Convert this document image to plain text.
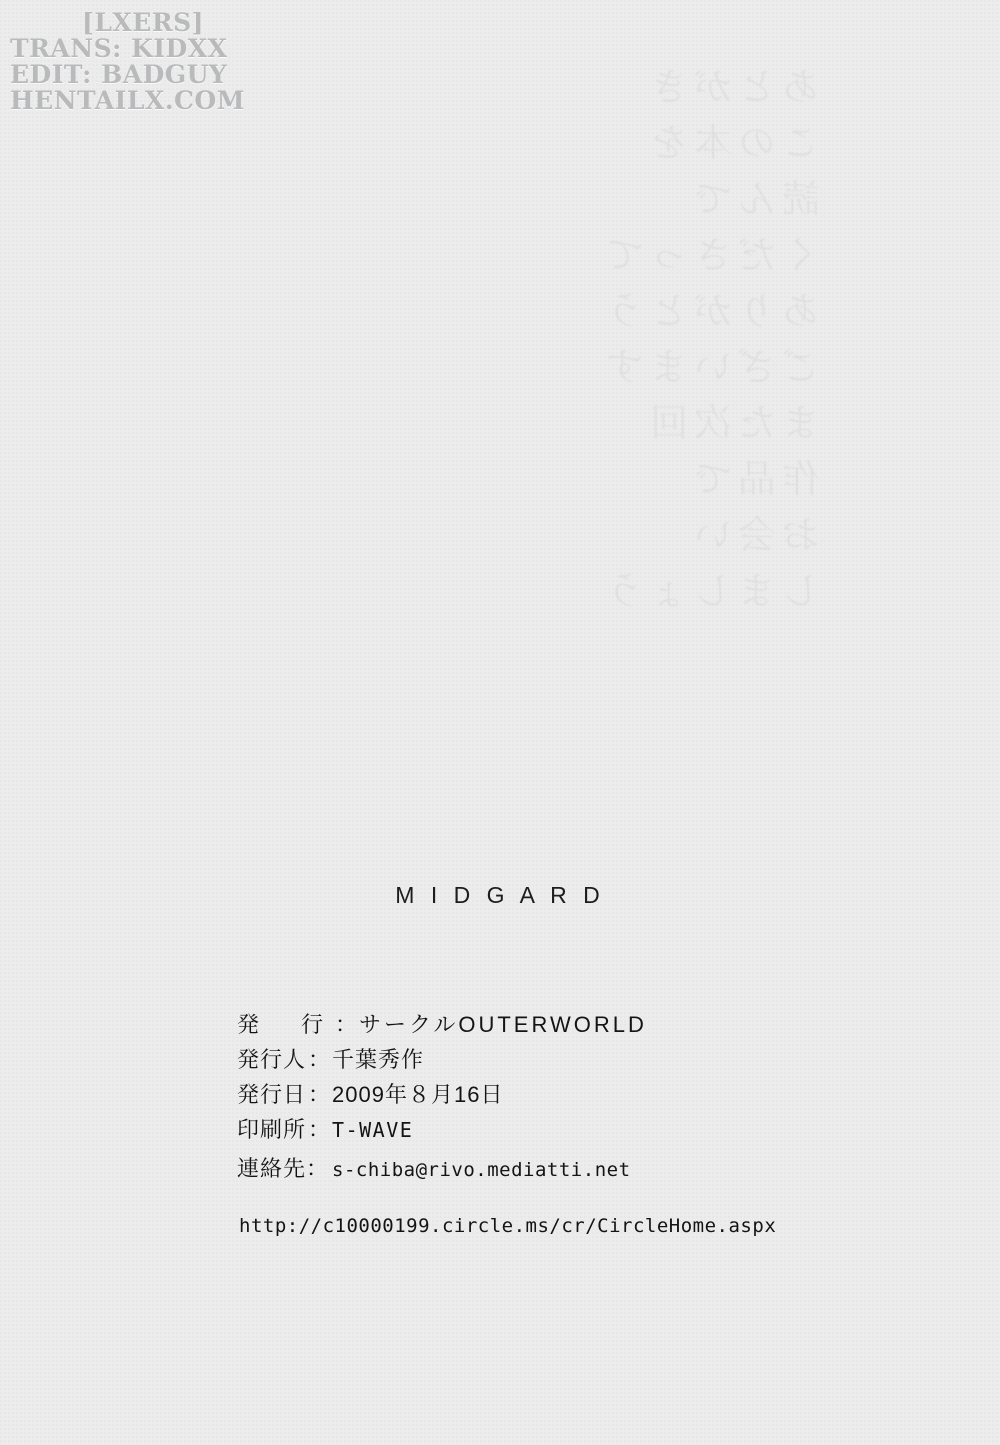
[LXERS]
TRANS: KIDXX
EDIT: BADGUY
HENTAILX.COM
M I D G A R D
発　行 ： サークルOUTERWORLD
発行人 ： 千葉秀作
発行日 ： 2009年８月16日
印刷所 ： T-WAVE
連絡先 ： s-chiba@rivo.mediatti.net
http://c10000199.circle.ms/cr/CircleHome.aspx
